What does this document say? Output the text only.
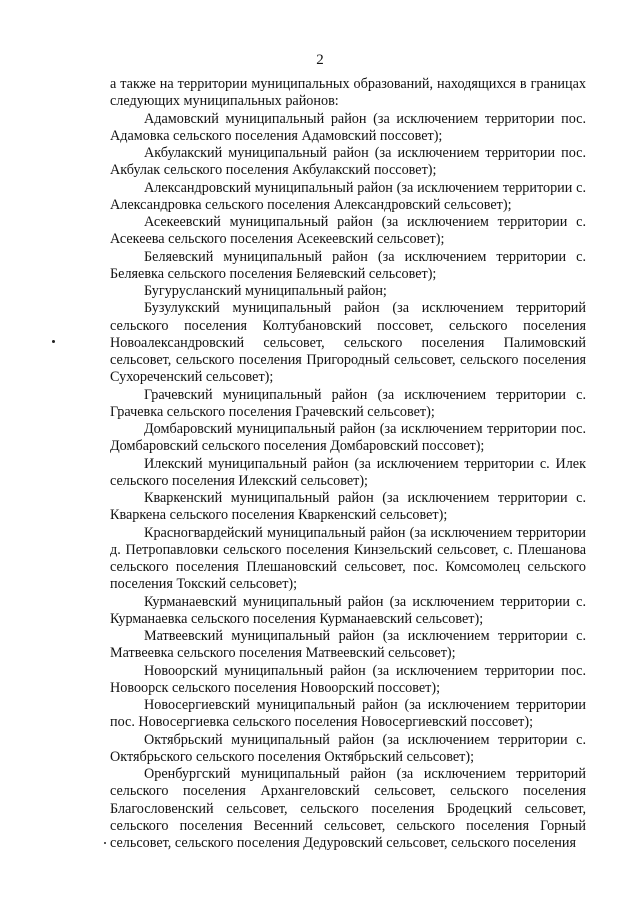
2

а также на территории муниципальных образований, находящихся в границах следующих муниципальных районов:

Адамовский муниципальный район (за исключением территории пос. Адамовка сельского поселения Адамовский поссовет);

Акбулакский муниципальный район (за исключением территории пос. Акбулак сельского поселения Акбулакский поссовет);

Александровский муниципальный район (за исключением территории с. Александровка сельского поселения Александровский сельсовет);

Асекеевский муниципальный район (за исключением территории с. Асекеева сельского поселения Асекеевский сельсовет);

Беляевский муниципальный район (за исключением территории с. Беляевка сельского поселения Беляевский сельсовет);

Бугурусланский муниципальный район;

Бузулукский муниципальный район (за исключением территорий сельского поселения Колтубановский поссовет, сельского поселения Новоалександровский сельсовет, сельского поселения Палимовский сельсовет, сельского поселения Пригородный сельсовет, сельского поселения Сухореченский сельсовет);

Грачевский муниципальный район (за исключением территории с. Грачевка сельского поселения Грачевский сельсовет);

Домбаровский муниципальный район (за исключением территории пос. Домбаровский сельского поселения Домбаровский поссовет);

Илекский муниципальный район (за исключением территории с. Илек сельского поселения Илекский сельсовет);

Кваркенский муниципальный район (за исключением территории с. Кваркена сельского поселения Кваркенский сельсовет);

Красногвардейский муниципальный район (за исключением территории д. Петропавловки сельского поселения Кинзельский сельсовет, с. Плешанова сельского поселения Плешановский сельсовет, пос. Комсомолец сельского поселения Токский сельсовет);

Курманаевский муниципальный район (за исключением территории с. Курманаевка сельского поселения Курманаевский сельсовет);

Матвеевский муниципальный район (за исключением территории с. Матвеевка сельского поселения Матвеевский сельсовет);

Новоорский муниципальный район (за исключением территории пос. Новоорск сельского поселения Новоорский поссовет);

Новосергиевский муниципальный район (за исключением территории пос. Новосергиевка сельского поселения Новосергиевский поссовет);

Октябрьский муниципальный район (за исключением территории с. Октябрьского сельского поселения Октябрьский сельсовет);

Оренбургский муниципальный район (за исключением территорий сельского поселения Архангеловский сельсовет, сельского поселения Благословенский сельсовет, сельского поселения Бродецкий сельсовет, сельского поселения Весенний сельсовет, сельского поселения Горный сельсовет, сельского поселения Дедуровский сельсовет, сельского поселения
